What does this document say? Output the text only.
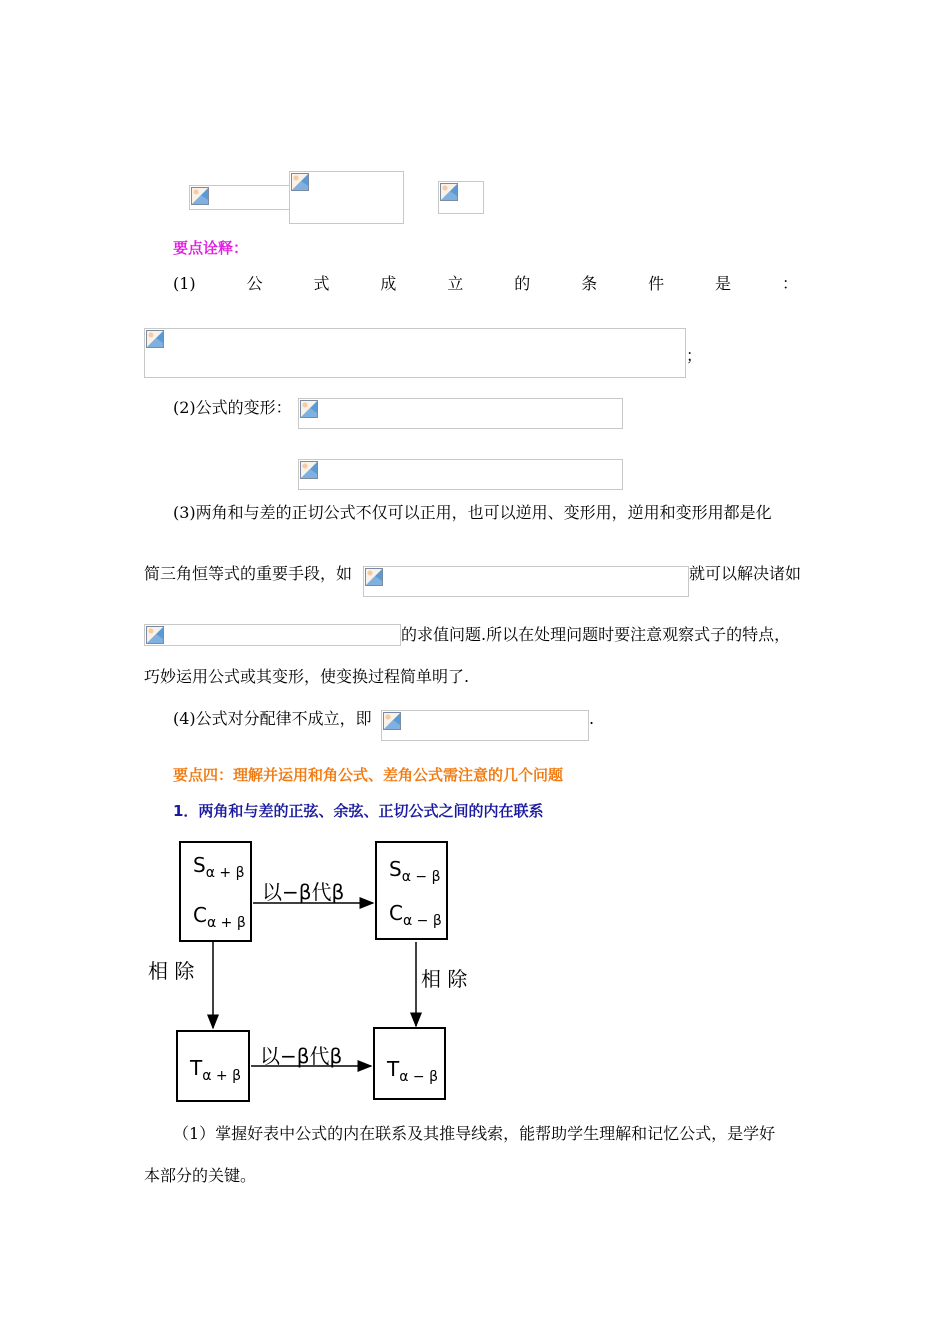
要点诠释：
(1)	公	式	成	立	的	条	件	是	：
；
(2)公式的变形：
(3)两角和与差的正切公式不仅可以正用，也可以逆用、变形用，逆用和变形用都是化
简三角恒等式的重要手段，如	就可以解决诸如
的求值问题.所以在处理问题时要注意观察式子的特点，
巧妙运用公式或其变形，使变换过程简单明了.
(4)公式对分配律不成立，即	.
要点四：理解并运用和角公式、差角公式需注意的几个问题
1．两角和与差的正弦、余弦、正切公式之间的内在联系
$S_{\alpha + \beta}$
$C_{\alpha + \beta}$
$S_{\alpha - \beta}$
$C_{\alpha - \beta}$
$T_{\alpha + \beta}$	$T_{\alpha - \beta}$
以−β代β
以−β代β
相 除	相 除
（1）掌握好表中公式的内在联系及其推导线索，能帮助学生理解和记忆公式，是学好
本部分的关键。
